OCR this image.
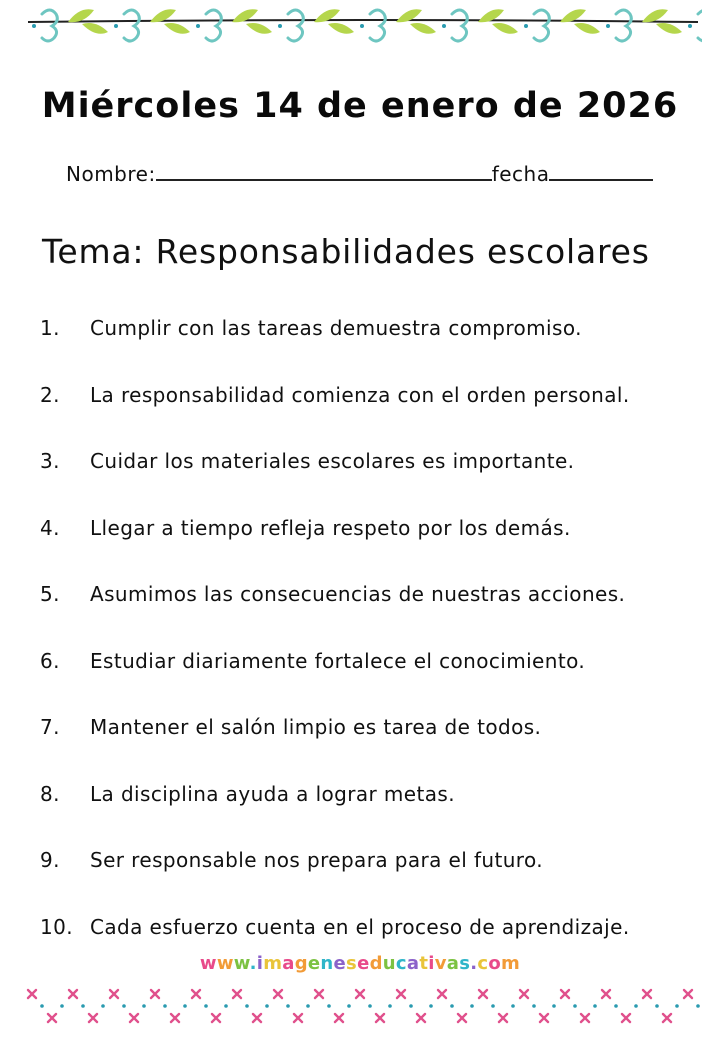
Miércoles 14 de enero de 2026
Nombre:	fecha
Tema: Responsabilidades escolares
1. Cumplir con las tareas demuestra compromiso.
2. La responsabilidad comienza con el orden personal.
3. Cuidar los materiales escolares es importante.
4. Llegar a tiempo refleja respeto por los demás.
5. Asumimos las consecuencias de nuestras acciones.
6. Estudiar diariamente fortalece el conocimiento.
7. Mantener el salón limpio es tarea de todos.
8. La disciplina ayuda a lograr metas.
9. Ser responsable nos prepara para el futuro.
10. Cada esfuerzo cuenta en el proceso de aprendizaje.
www.imageneseducativas.com
